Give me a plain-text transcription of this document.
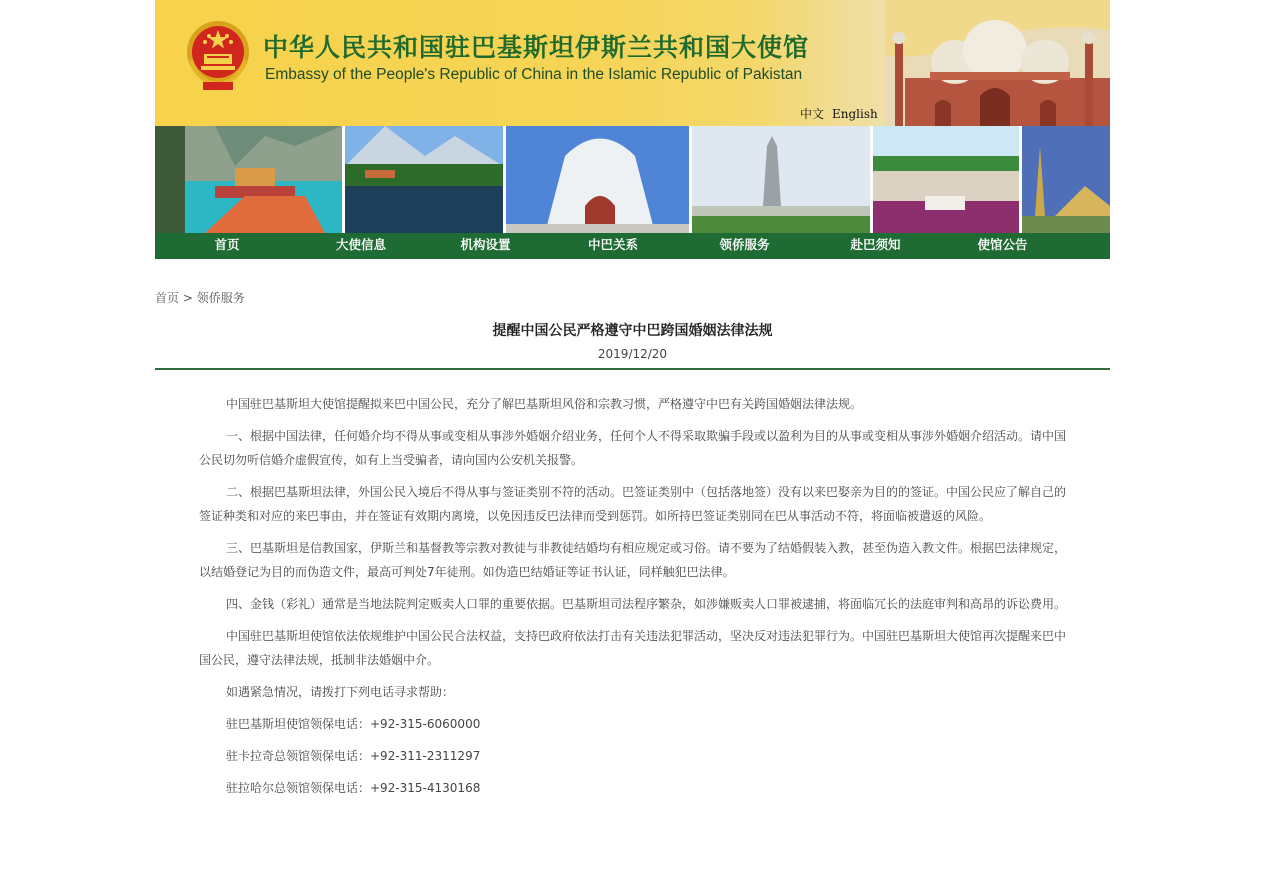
中华人民共和国驻巴基斯坦伊斯兰共和国大使馆
Embassy of the People's Republic of China in the Islamic Republic of Pakistan
中文 English
首页	大使信息	机构设置	中巴关系	领侨服务	赴巴须知	使馆公告
首页 > 领侨服务
提醒中国公民严格遵守中巴跨国婚姻法律法规
2019/12/20

中国驻巴基斯坦大使馆提醒拟来巴中国公民，充分了解巴基斯坦风俗和宗教习惯，严格遵守中巴有关跨国婚姻法律法规。

一、根据中国法律，任何婚介均不得从事或变相从事涉外婚姻介绍业务，任何个人不得采取欺骗手段或以盈利为目的从事或变相从事涉外婚姻介绍活动。请中国公民切勿听信婚介虚假宣传，如有上当受骗者，请向国内公安机关报警。

二、根据巴基斯坦法律，外国公民入境后不得从事与签证类别不符的活动。巴签证类别中（包括落地签）没有以来巴娶亲为目的的签证。中国公民应了解自己的签证种类和对应的来巴事由，并在签证有效期内离境，以免因违反巴法律而受到惩罚。如所持巴签证类别同在巴从事活动不符，将面临被遣返的风险。

三、巴基斯坦是信教国家，伊斯兰和基督教等宗教对教徒与非教徒结婚均有相应规定或习俗。请不要为了结婚假装入教，甚至伪造入教文件。根据巴法律规定，以结婚登记为目的而伪造文件，最高可判处7年徒刑。如伪造巴结婚证等证书认证，同样触犯巴法律。

四、金钱（彩礼）通常是当地法院判定贩卖人口罪的重要依据。巴基斯坦司法程序繁杂，如涉嫌贩卖人口罪被逮捕，将面临冗长的法庭审判和高昂的诉讼费用。

中国驻巴基斯坦使馆依法依规维护中国公民合法权益，支持巴政府依法打击有关违法犯罪活动，坚决反对违法犯罪行为。中国驻巴基斯坦大使馆再次提醒来巴中国公民，遵守法律法规，抵制非法婚姻中介。

如遇紧急情况，请拨打下列电话寻求帮助：

驻巴基斯坦使馆领保电话：+92-315-6060000

驻卡拉奇总领馆领保电话：+92-311-2311297

驻拉哈尔总领馆领保电话：+92-315-4130168
